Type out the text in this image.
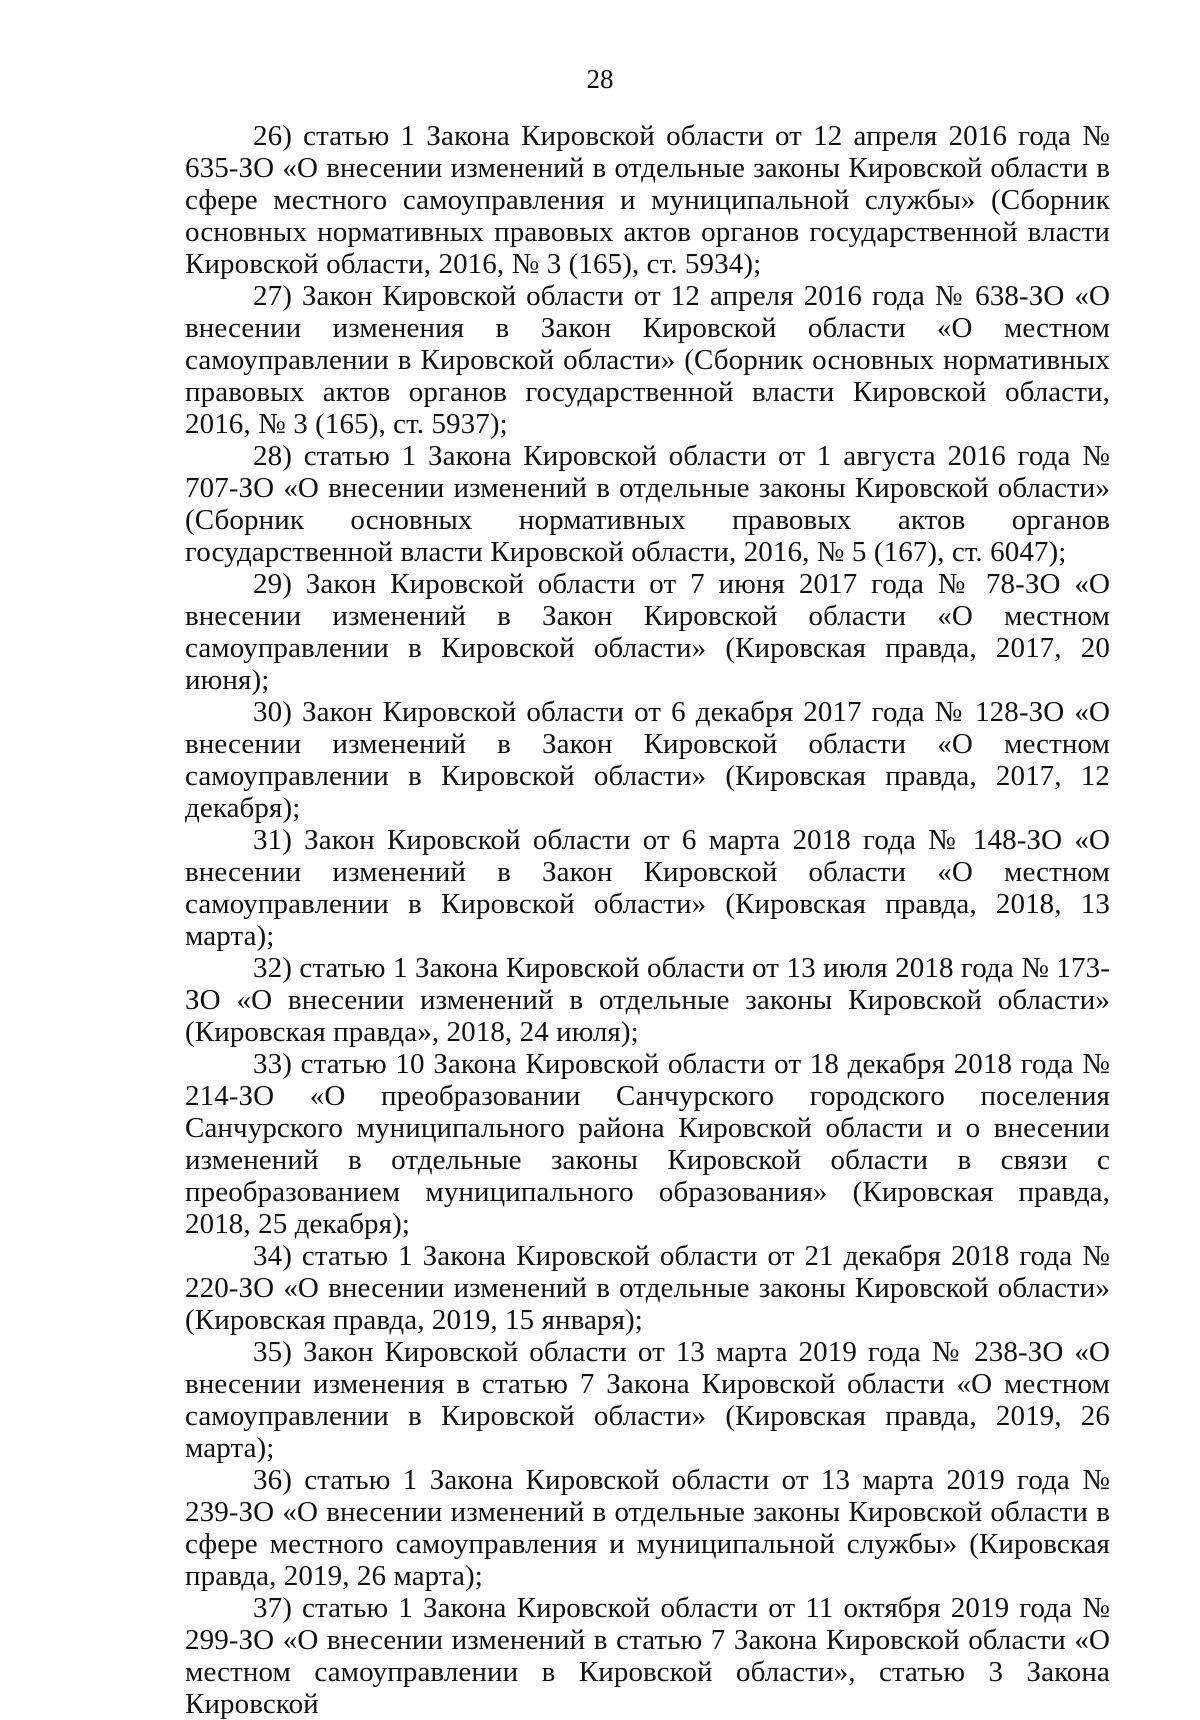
28

26) статью 1 Закона Кировской области от 12 апреля 2016 года № 635-ЗО «О внесении изменений в отдельные законы Кировской области в сфере местного самоуправления и муниципальной службы» (Сборник основных нормативных правовых актов органов государственной власти Кировской области, 2016, № 3 (165), ст. 5934);

27) Закон Кировской области от 12 апреля 2016 года № 638-ЗО «О внесении изменения в Закон Кировской области «О местном самоуправлении в Кировской области» (Сборник основных нормативных правовых актов органов государственной власти Кировской области, 2016, № 3 (165), ст. 5937);

28) статью 1 Закона Кировской области от 1 августа 2016 года № 707-ЗО «О внесении изменений в отдельные законы Кировской области» (Сборник основных нормативных правовых актов органов государственной власти Кировской области, 2016, № 5 (167), ст. 6047);

29) Закон Кировской области от 7 июня 2017 года № 78-ЗО «О внесении изменений в Закон Кировской области «О местном самоуправлении в Кировской области» (Кировская правда, 2017, 20 июня);

30) Закон Кировской области от 6 декабря 2017 года № 128-ЗО «О внесении изменений в Закон Кировской области «О местном самоуправлении в Кировской области» (Кировская правда, 2017, 12 декабря);

31) Закон Кировской области от 6 марта 2018 года № 148-ЗО «О внесении изменений в Закон Кировской области «О местном самоуправлении в Кировской области» (Кировская правда, 2018, 13 марта);

32) статью 1 Закона Кировской области от 13 июля 2018 года № 173-ЗО «О внесении изменений в отдельные законы Кировской области» (Кировская правда», 2018, 24 июля);

33) статью 10 Закона Кировской области от 18 декабря 2018 года № 214-ЗО «О преобразовании Санчурского городского поселения Санчурского муниципального района Кировской области и о внесении изменений в отдельные законы Кировской области в связи с преобразованием муниципального образования» (Кировская правда, 2018, 25 декабря);

34) статью 1 Закона Кировской области от 21 декабря 2018 года № 220-ЗО «О внесении изменений в отдельные законы Кировской области» (Кировская правда, 2019, 15 января);

35) Закон Кировской области от 13 марта 2019 года № 238-ЗО «О внесении изменения в статью 7 Закона Кировской области «О местном самоуправлении в Кировской области» (Кировская правда, 2019, 26 марта);

36) статью 1 Закона Кировской области от 13 марта 2019 года № 239-ЗО «О внесении изменений в отдельные законы Кировской области в сфере местного самоуправления и муниципальной службы» (Кировская правда, 2019, 26 марта);

37) статью 1 Закона Кировской области от 11 октября 2019 года № 299-ЗО «О внесении изменений в статью 7 Закона Кировской области «О местном самоуправлении в Кировской области», статью 3 Закона Кировской
